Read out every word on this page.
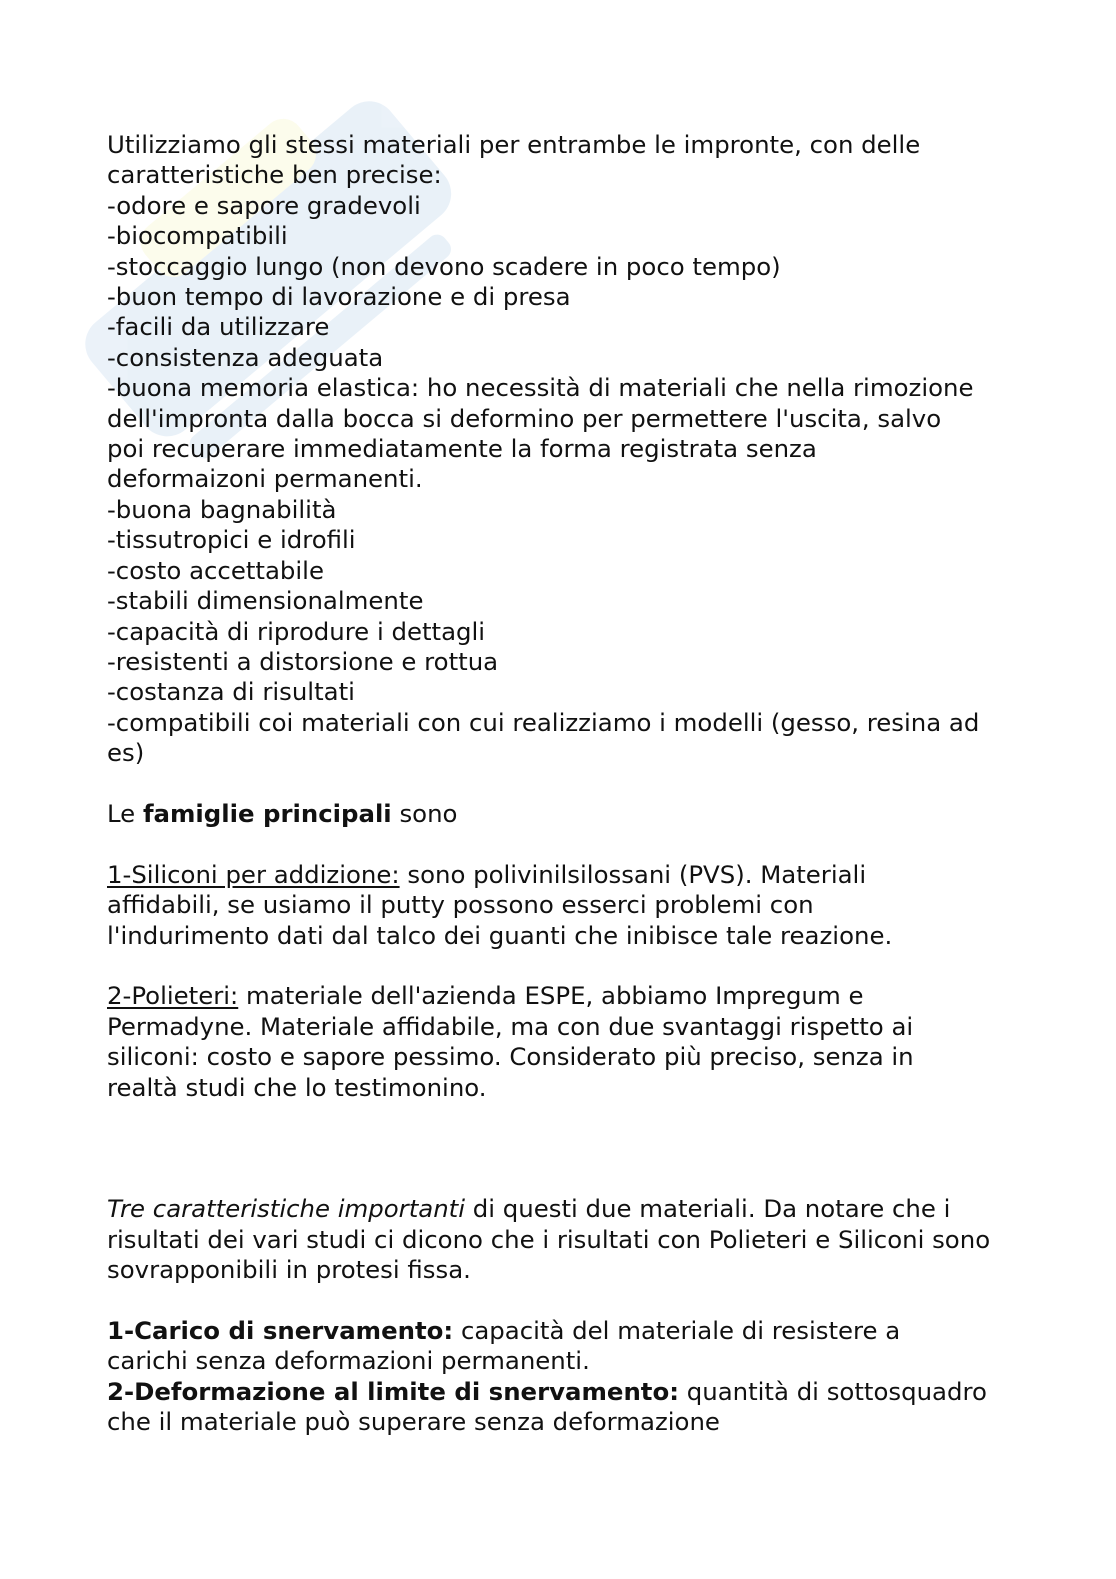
Utilizziamo gli stessi materiali per entrambe le impronte, con delle caratteristiche ben precise:

-odore e sapore gradevoli

-biocompatibili

-stoccaggio lungo (non devono scadere in poco tempo)

-buon tempo di lavorazione e di presa

-facili da utilizzare

-consistenza adeguata

-buona memoria elastica: ho necessità di materiali che nella rimozione dell'impronta dalla bocca si deformino per permettere l'uscita, salvo poi recuperare immediatamente la forma registrata senza deformaizoni permanenti.

-buona bagnabilità

-tissutropici e idrofili

-costo accettabile

-stabili dimensionalmente

-capacità di riprodure i dettagli

-resistenti a distorsione e rottua

-costanza di risultati

-compatibili coi materiali con cui realizziamo i modelli (gesso, resina ad es)

Le famiglie principali sono

1-Siliconi per addizione: sono polivinilsilossani (PVS). Materiali affidabili, se usiamo il putty possono esserci problemi con l'indurimento dati dal talco dei guanti che inibisce tale reazione.

2-Polieteri: materiale dell'azienda ESPE, abbiamo Impregum e Permadyne. Materiale affidabile, ma con due svantaggi rispetto ai siliconi: costo e sapore pessimo. Considerato più preciso, senza in realtà studi che lo testimonino.

Tre caratteristiche importanti di questi due materiali. Da notare che i risultati dei vari studi ci dicono che i risultati con Polieteri e Siliconi sono sovrapponibili in protesi fissa.

1-Carico di snervamento: capacità del materiale di resistere a carichi senza deformazioni permanenti.

2-Deformazione al limite di snervamento: quantità di sottosquadro che il materiale può superare senza deformazione
